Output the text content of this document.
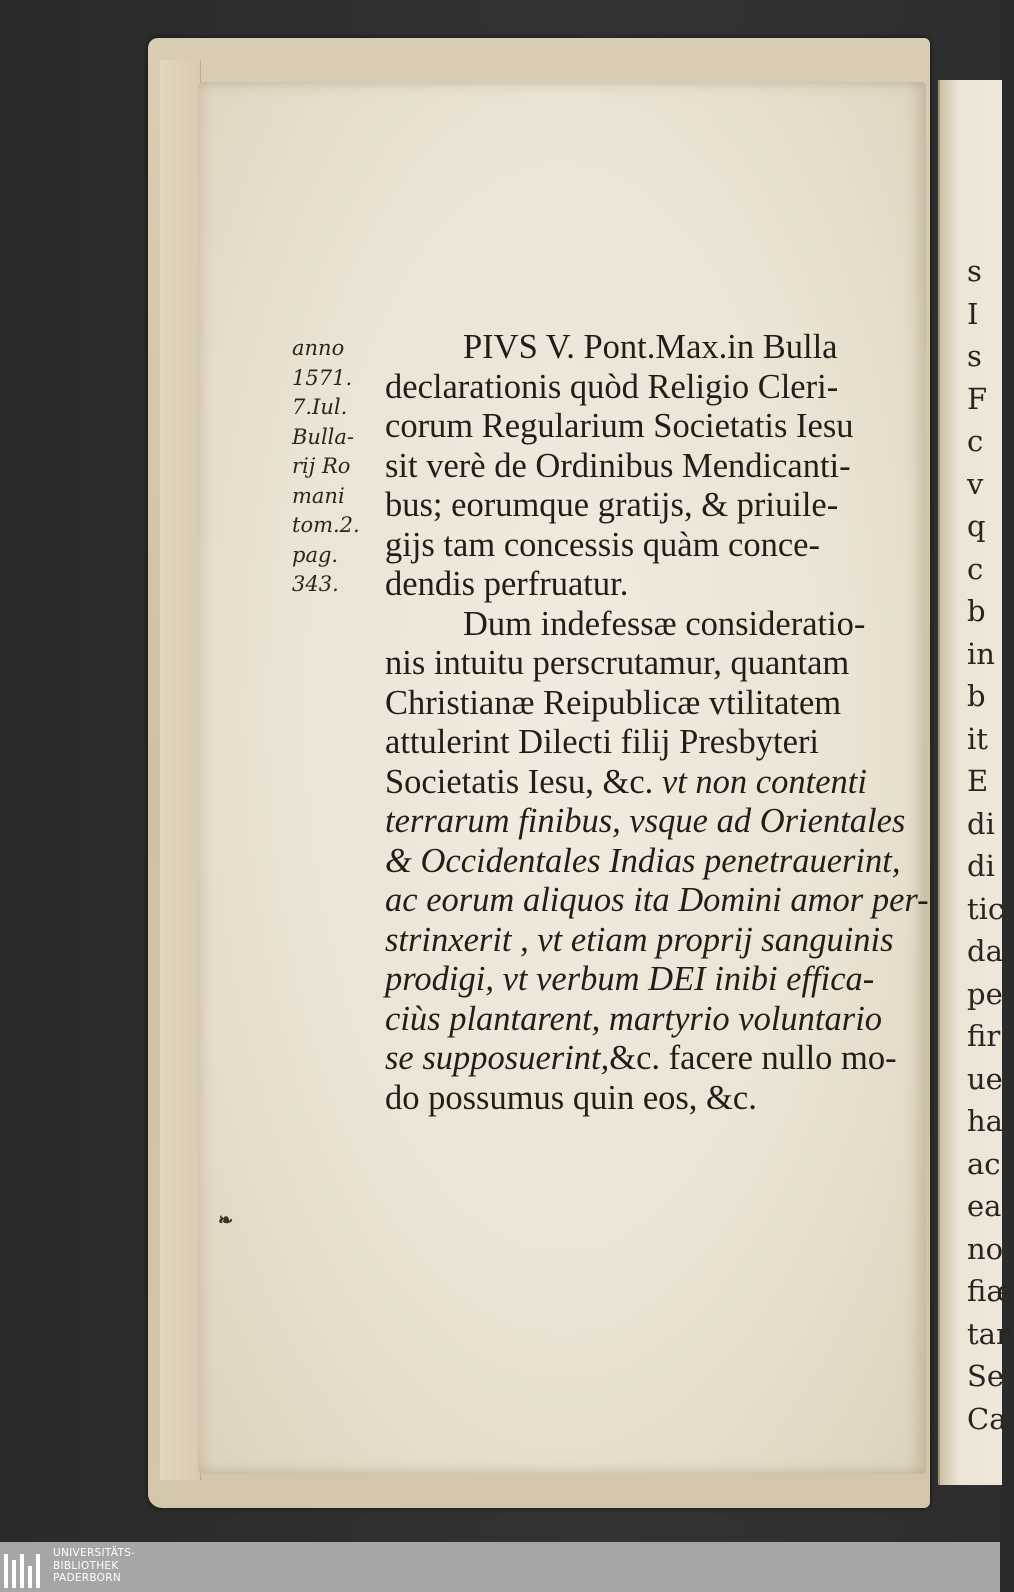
s
I
s
F
c
v
q
c
b
in
b
it
E
di
di
tic
da
pe
fir
ue
ha
ac
ea
no
fiæ
tar
Se
Ca
anno
1571.
7.Iul.
Bulla-
rij Ro
mani
tom.2.
pag.
343.
PIVS V. Pont.Max.in Bulla
declarationis quòd Religio Cleri-
corum Regularium Societatis Iesu
sit verè de Ordinibus Mendicanti-
bus; eorumque gratijs, & priuile-
gijs tam concessis quàm conce-
dendis perfruatur.
Dum indefessæ consideratio-
nis intuitu perscrutamur, quantam
Christianæ Reipublicæ vtilitatem
attulerint Dilecti filij Presbyteri
Societatis Iesu, &c. vt non contenti
terrarum finibus, vsque ad Orientales
& Occidentales Indias penetrauerint,
ac eorum aliquos ita Domini amor per-
strinxerit , vt etiam proprij sanguinis
prodigi, vt verbum DEI inibi effica-
ciùs plantarent, martyrio voluntario
se supposuerint,&c. facere nullo mo-
do possumus quin eos, &c.
❧
UNIVERSITÄTS-
BIBLIOTHEK
PADERBORN
